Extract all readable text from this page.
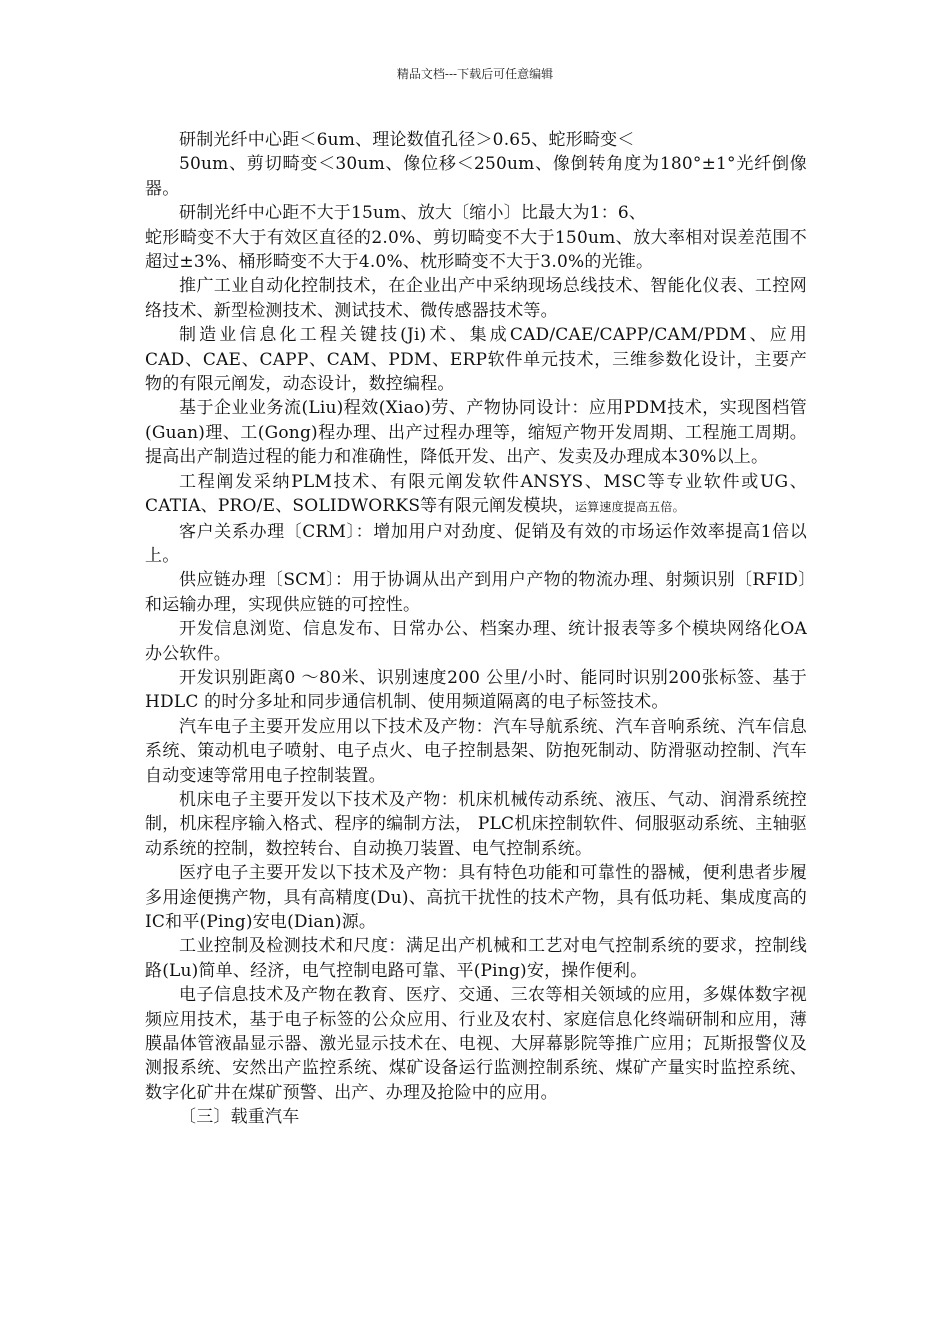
精品文档---下载后可任意编辑

研制光纤中心距＜6um、理论数值孔径＞0.65、蛇形畸变＜

50um、剪切畸变＜30um、像位移＜250um、像倒转角度为180°±1°光纤倒像器。

研制光纤中心距不大于15um、放大〔缩小〕比最大为1：6、

蛇形畸变不大于有效区直径的2.0%、剪切畸变不大于150um、放大率相对误差范围不超过±3%、桶形畸变不大于4.0%、枕形畸变不大于3.0%的光锥。

推广工业自动化控制技术，在企业出产中采纳现场总线技术、智能化仪表、工控网络技术、新型检测技术、测试技术、微传感器技术等。

制造业信息化工程关键技(Ji)术、集成CAD/CAE/CAPP/CAM/PDM、应用CAD、CAE、CAPP、CAM、PDM、ERP软件单元技术，三维参数化设计，主要产物的有限元阐发，动态设计，数控编程。

基于企业业务流(Liu)程效(Xiao)劳、产物协同设计：应用PDM技术，实现图档管(Guan)理、工(Gong)程办理、出产过程办理等，缩短产物开发周期、工程施工周期。提高出产制造过程的能力和准确性，降低开发、出产、发卖及办理成本30%以上。

工程阐发采纳PLM技术、有限元阐发软件ANSYS、MSC等专业软件或UG、CATIA、PRO/E、SOLIDWORKS等有限元阐发模块，运算速度提高五倍。

客户关系办理〔CRM〕：增加用户对劲度、促销及有效的市场运作效率提高1倍以上。

供应链办理〔SCM〕：用于协调从出产到用户产物的物流办理、射频识别〔RFID〕和运输办理，实现供应链的可控性。

开发信息浏览、信息发布、日常办公、档案办理、统计报表等多个模块网络化OA办公软件。

开发识别距离0 ～80米、识别速度200 公里/小时、能同时识别200张标签、基于HDLC 的时分多址和同步通信机制、使用频道隔离的电子标签技术。

汽车电子主要开发应用以下技术及产物：汽车导航系统、汽车音响系统、汽车信息系统、策动机电子喷射、电子点火、电子控制悬架、防抱死制动、防滑驱动控制、汽车自动变速等常用电子控制装置。

机床电子主要开发以下技术及产物：机床机械传动系统、液压、气动、润滑系统控制，机床程序输入格式、程序的编制方法， PLC机床控制软件、伺服驱动系统、主轴驱动系统的控制，数控转台、自动换刀装置、电气控制系统。

医疗电子主要开发以下技术及产物：具有特色功能和可靠性的器械，便利患者步履多用途便携产物，具有高精度(Du)、高抗干扰性的技术产物，具有低功耗、集成度高的IC和平(Ping)安电(Dian)源。

工业控制及检测技术和尺度：满足出产机械和工艺对电气控制系统的要求，控制线路(Lu)简单、经济，电气控制电路可靠、平(Ping)安，操作便利。

电子信息技术及产物在教育、医疗、交通、三农等相关领域的应用，多媒体数字视频应用技术，基于电子标签的公众应用、行业及农村、家庭信息化终端研制和应用，薄膜晶体管液晶显示器、激光显示技术在、电视、大屏幕影院等推广应用；瓦斯报警仪及测报系统、安然出产监控系统、煤矿设备运行监测控制系统、煤矿产量实时监控系统、数字化矿井在煤矿预警、出产、办理及抢险中的应用。

〔三〕载重汽车
